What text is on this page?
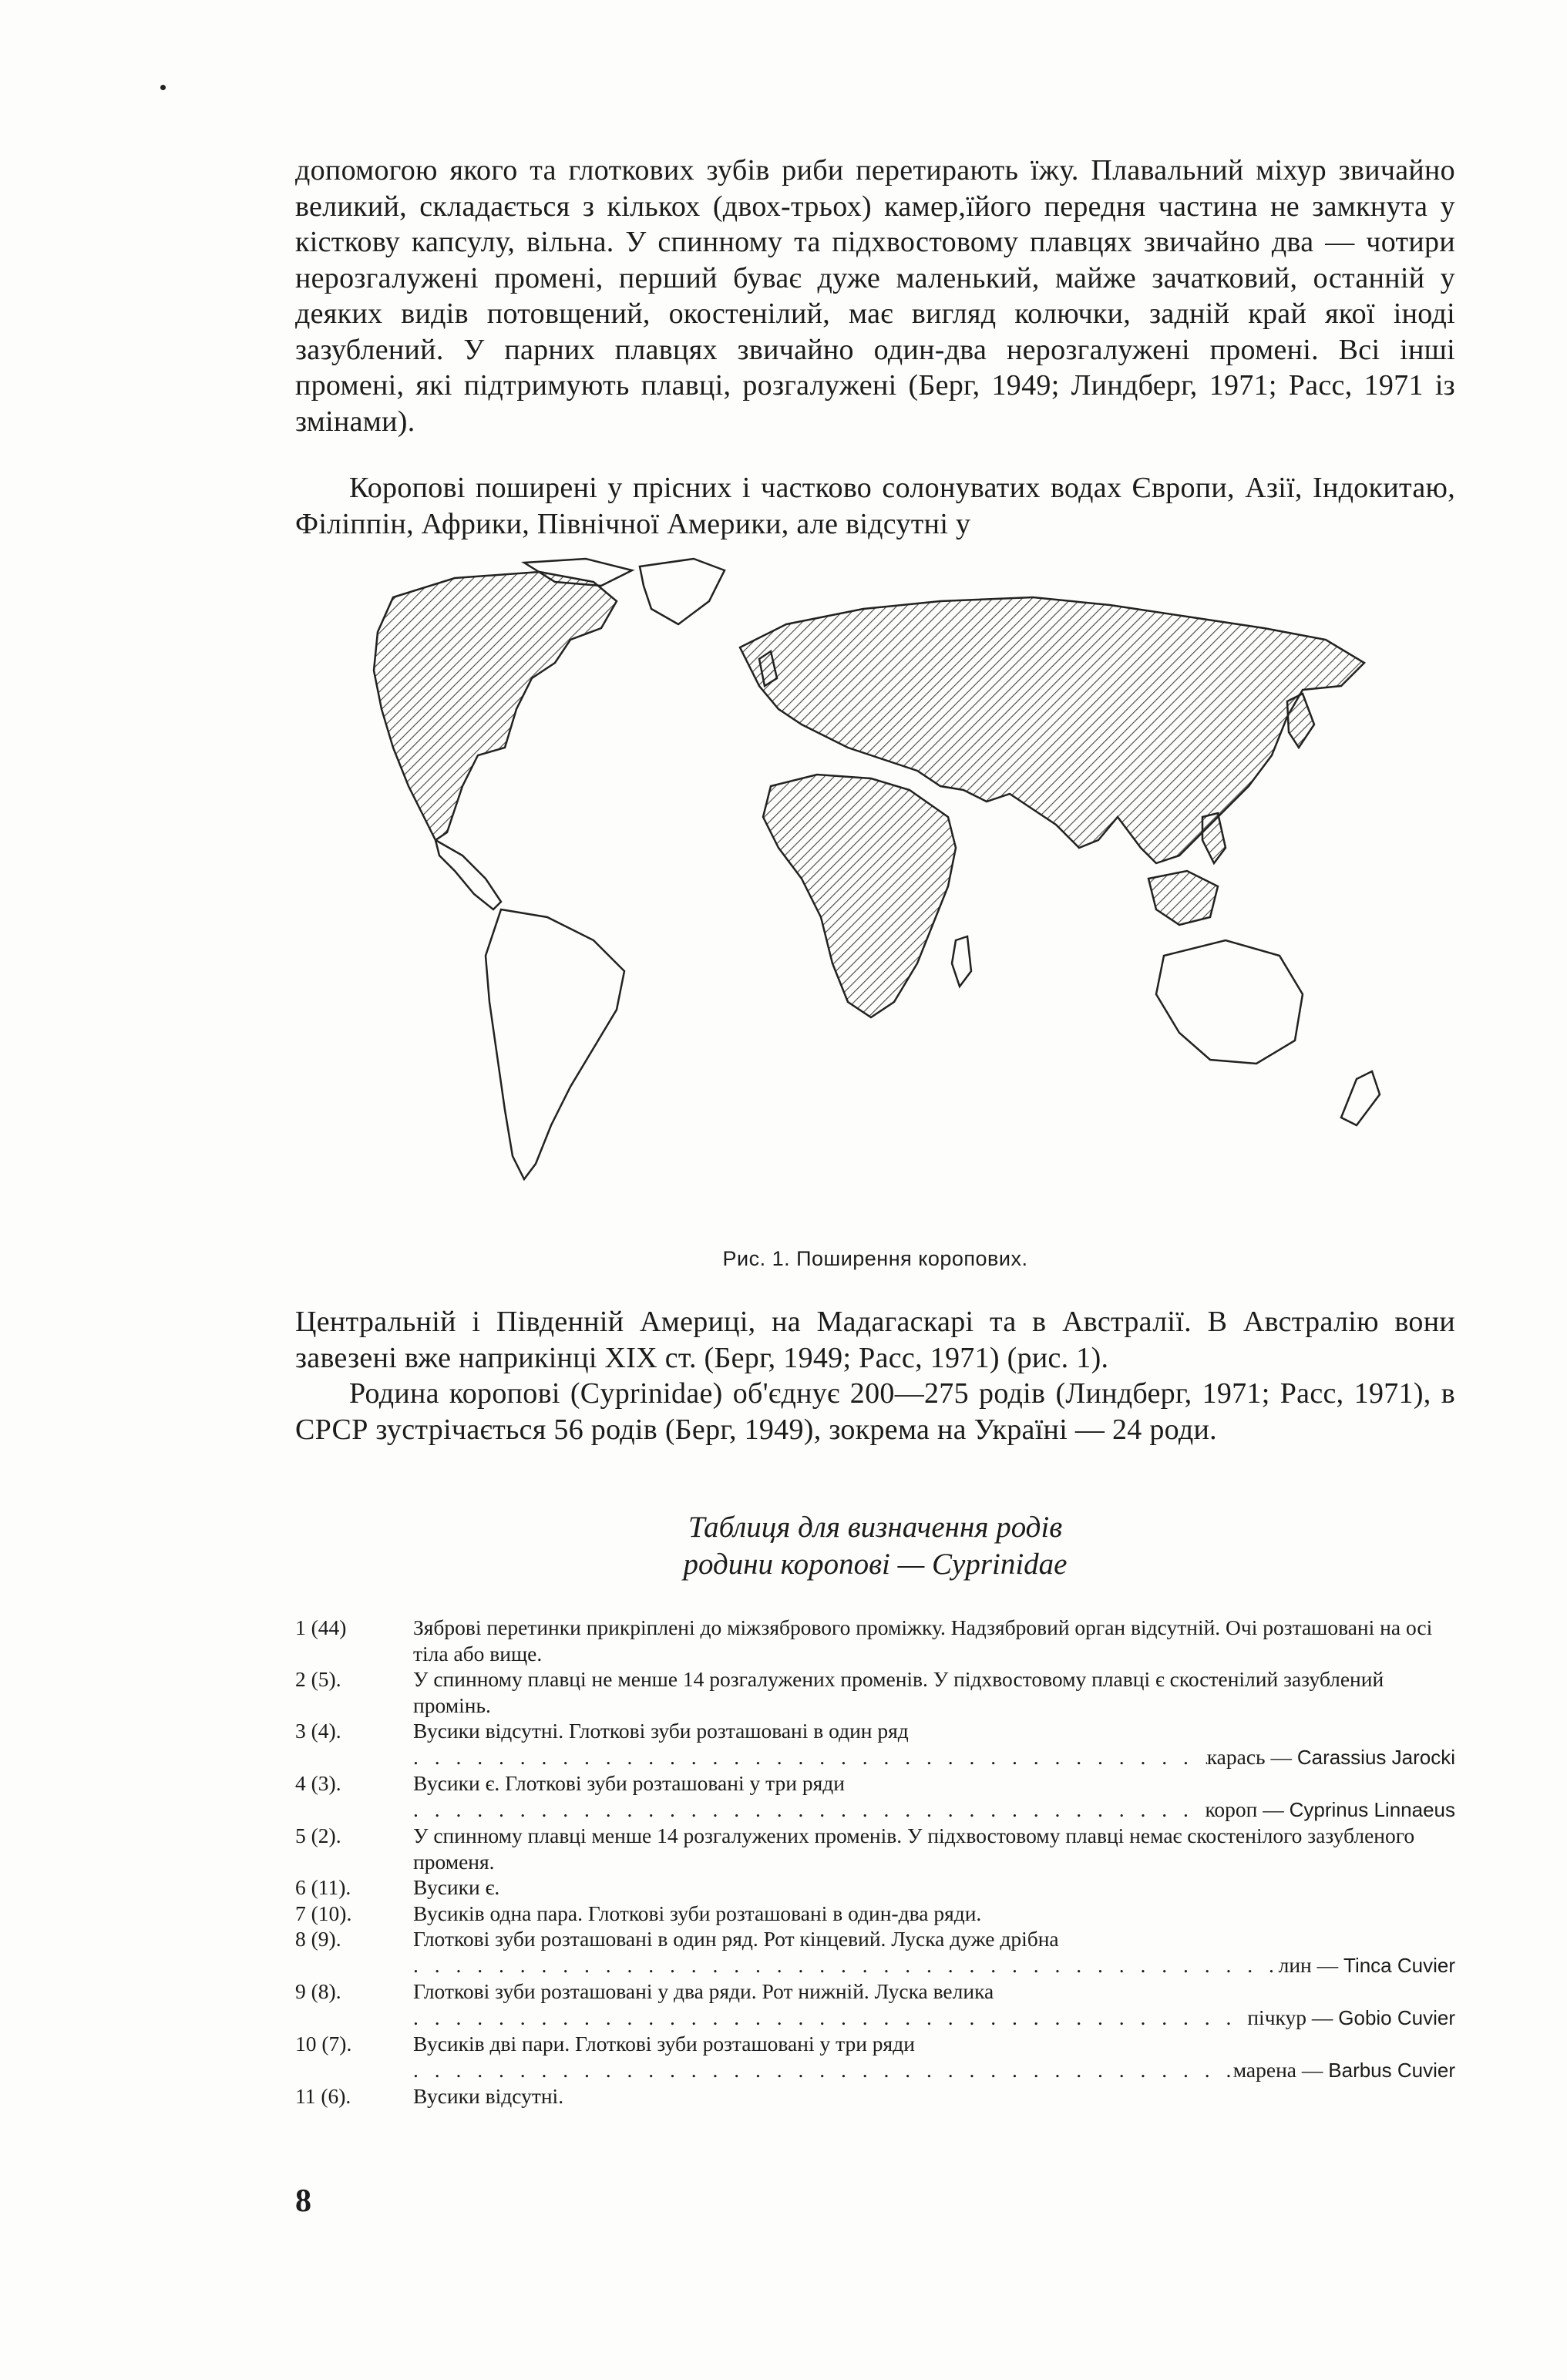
допомогою якого та глоткових зубів риби перетирають їжу. Плавальний міхур звичайно великий, складається з кількох (двох-трьох) камер,їйого передня частина не замкнута у кісткову капсулу, вільна. У спинному та підхвостовому плавцях звичайно два — чотири нерозгалужені промені, перший буває дуже маленький, майже зачатковий, останній у деяких видів потовщений, окостенілий, має вигляд колючки, задній край якої іноді зазублений. У парних плавцях звичайно один-два нерозгалужені промені. Всі інші промені, які підтримують плавці, розгалужені (Берг, 1949; Линдберг, 1971; Расс, 1971 із змінами).

Коропові поширені у прісних і частково солонуватих водах Європи, Азії, Індокитаю, Філіппін, Африки, Північної Америки, але відсутні у

Рис. 1. Поширення коропових.

Центральній і Південній Америці, на Мадагаскарі та в Австралії. В Австралію вони завезені вже наприкінці XIX ст. (Берг, 1949; Расс, 1971) (рис. 1).

Родина коропові (Cyprinidae) об'єднує 200—275 родів (Линдберг, 1971; Расс, 1971), в СРСР зустрічається 56 родів (Берг, 1949), зокрема на Україні — 24 роди.

Таблиця для визначення родів
родини коропові — Cyprinidae
1 (44)	Зяброві перетинки прикріплені до міжзябрового проміжку. Надзябровий орган відсутній. Очі розташовані на осі тіла або вище.
2 (5).	У спинному плавці не менше 14 розгалужених променів. У підхвостовому плавці є скостенілий зазублений промінь.
3 (4).	Вусики відсутні. Глоткові зуби розташовані в один ряд
. . .
карась — Carassius Jarocki
4 (3).	Вусики є. Глоткові зуби розташовані у три ряди
. . .
короп — Cyprinus Linnaeus
5 (2).	У спинному плавці менше 14 розгалужених променів. У підхвостовому плавці немає скостенілого зазубленого променя.
6 (11).	Вусики є.
7 (10).	Вусиків одна пара. Глоткові зуби розташовані в один-два ряди.
8 (9).	Глоткові зуби розташовані в один ряд. Рот кінцевий. Луска дуже дрібна
. . .
лин — Tinca Cuvier
9 (8).	Глоткові зуби розташовані у два ряди. Рот нижній. Луска велика
. . .
пічкур — Gobio Cuvier
10 (7).	Вусиків дві пари. Глоткові зуби розташовані у три ряди
. . .
марена — Barbus Cuvier
11 (6).	Вусики відсутні.
8
